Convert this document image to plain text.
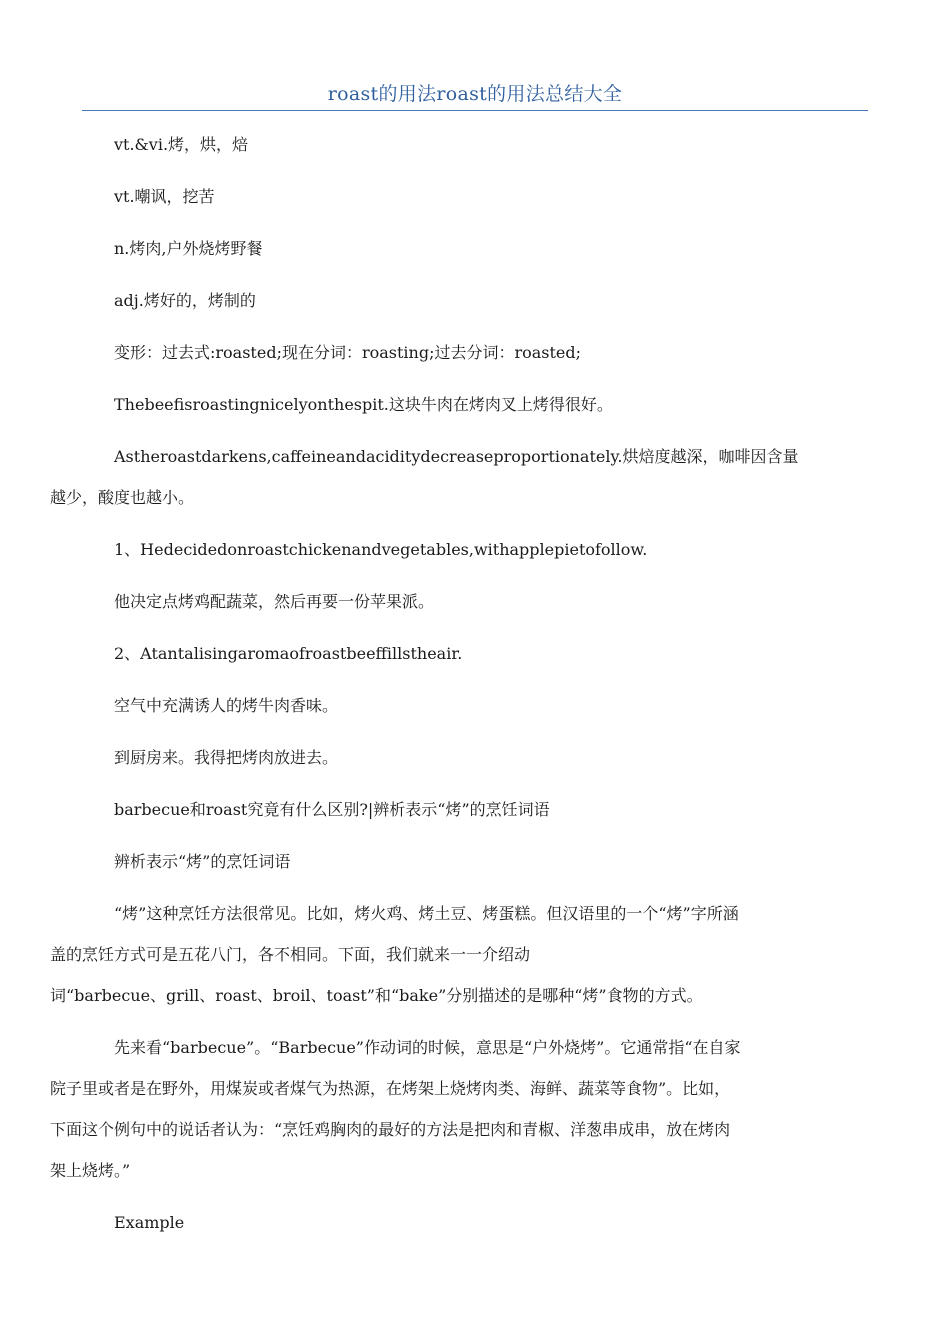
roast的用法roast的用法总结大全
vt.&vi.烤，烘，焙
vt.嘲讽，挖苦
n.烤肉,户外烧烤野餐
adj.烤好的，烤制的
变形：过去式:roasted;现在分词：roasting;过去分词：roasted;
Thebeefisroastingnicelyonthespit.这块牛肉在烤肉叉上烤得很好。
Astheroastdarkens,caffeineandaciditydecreaseproportionately.烘焙度越深，咖啡因含量
越少，酸度也越小。
1、Hedecidedonroastchickenandvegetables,withapplepietofollow.
他决定点烤鸡配蔬菜，然后再要一份苹果派。
2、Atantalisingaromaofroastbeeffillstheair.
空气中充满诱人的烤牛肉香味。
到厨房来。我得把烤肉放进去。
barbecue和roast究竟有什么区别?|辨析表示“烤”的烹饪词语
辨析表示“烤”的烹饪词语
“烤”这种烹饪方法很常见。比如，烤火鸡、烤土豆、烤蛋糕。但汉语里的一个“烤”字所涵
盖的烹饪方式可是五花八门，各不相同。下面，我们就来一一介绍动
词“barbecue、grill、roast、broil、toast”和“bake”分别描述的是哪种“烤”食物的方式。
先来看“barbecue”。“Barbecue”作动词的时候，意思是“户外烧烤”。它通常指“在自家
院子里或者是在野外，用煤炭或者煤气为热源，在烤架上烧烤肉类、海鲜、蔬菜等食物”。比如，
下面这个例句中的说话者认为：“烹饪鸡胸肉的最好的方法是把肉和青椒、洋葱串成串，放在烤肉
架上烧烤。”
Example
